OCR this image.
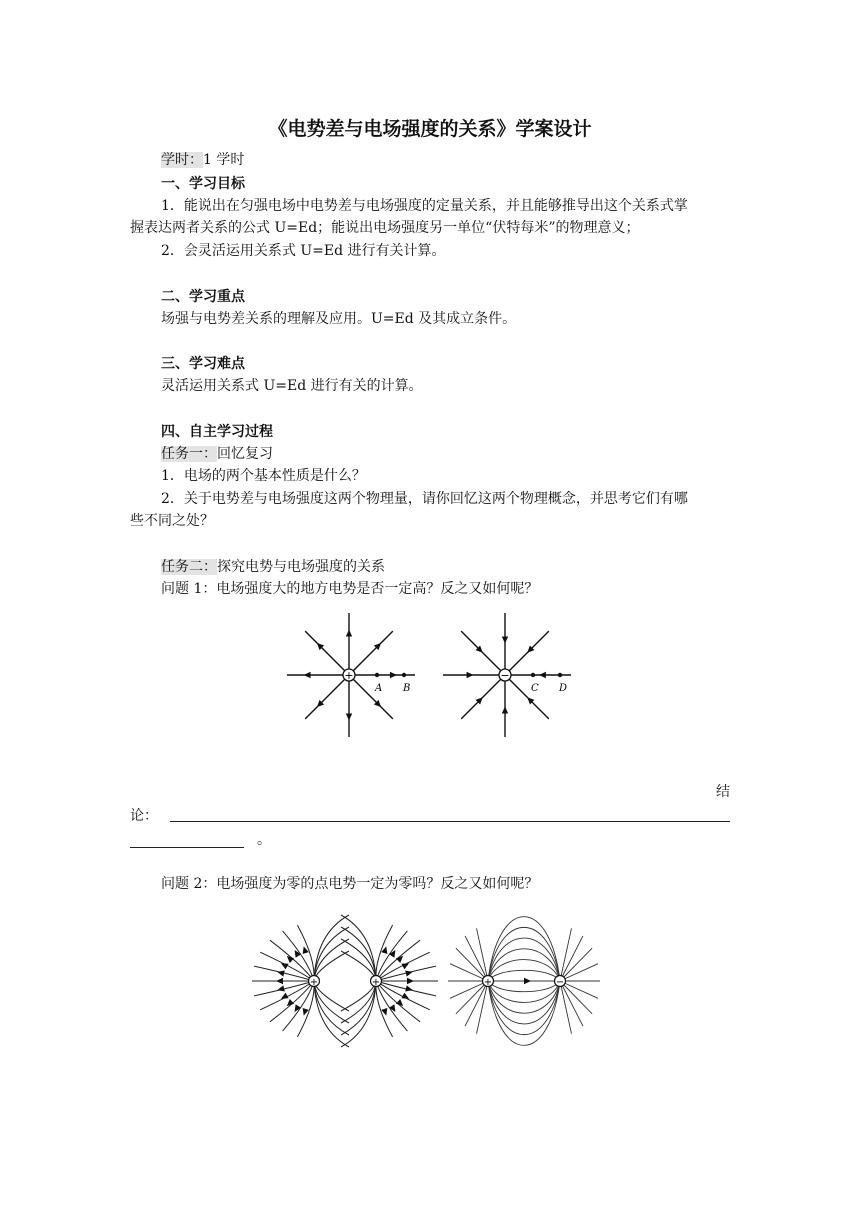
《电势差与电场强度的关系》学案设计
学时：1 学时
一、学习目标
1．能说出在匀强电场中电势差与电场强度的定量关系，并且能够推导出这个关系式掌
握表达两者关系的公式 U=Ed；能说出电场强度另一单位“伏特每米”的物理意义；
2．会灵活运用关系式 U=Ed 进行有关计算。
二、学习重点
场强与电势差关系的理解及应用。U=Ed 及其成立条件。
三、学习难点
灵活运用关系式 U=Ed 进行有关的计算。
四、自主学习过程
任务一：回忆复习
1．电场的两个基本性质是什么？
2．关于电势差与电场强度这两个物理量，请你回忆这两个物理概念，并思考它们有哪
些不同之处？
任务二：探究电势与电场强度的关系
问题 1：电场强度大的地方电势是否一定高？反之又如何呢？
+
A B
−
C D
结
论：
。
问题 2：电场强度为零的点电势一定为零吗？反之又如何呢？
+	+	+	−
